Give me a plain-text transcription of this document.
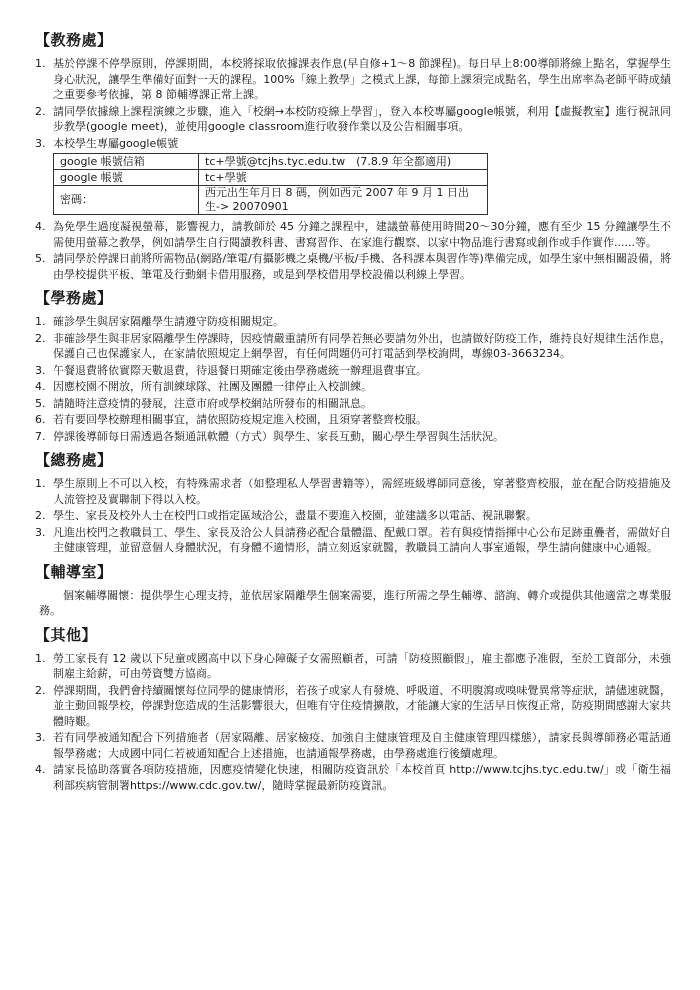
【教務處】
1. 基於停課不停學原則，停課期間，本校將採取依據課表作息(早自修+1～8 節課程)。每日早上8:00導師將線上點名，掌握學生身心狀況，讓學生準備好面對一天的課程。100%「線上教學」之模式上課，每節上課須完成點名，學生出席率為老師平時成績之重要參考依據，第 8 節輔導課正常上課。
2. 請同學依據線上課程演練之步驟，進入「校網→本校防疫線上學習」，登入本校專屬google帳號，利用【虛擬教室】進行視訊同步教學(google meet)，並使用google classroom進行收發作業以及公告相關事項。
3. 本校學生專屬google帳號
google 帳號信箱	tc+學號@tcjhs.tyc.edu.tw　(7.8.9 年全都適用)
google 帳號	tc+學號
密碼：	西元出生年月日 8 碼，例如西元 2007 年 9 月 1 日出生-> 20070901
4. 為免學生過度凝視螢幕，影響視力，請教師於 45 分鐘之課程中，建議螢幕使用時間20～30分鐘，應有至少 15 分鐘讓學生不需使用螢幕之教學，例如請學生自行閱讀教科書、書寫習作、在家進行觀察、以家中物品進行書寫或創作或手作實作......等。
5. 請同學於停課日前將所需物品(網路/筆電/有攝影機之桌機/平板/手機、各科課本與習作等)準備完成，如學生家中無相關設備，將由學校提供平板、筆電及行動網卡借用服務，或是到學校借用學校設備以利線上學習。
【學務處】
1. 確診學生與居家隔離學生請遵守防疫相關規定。
2. 非確診學生與非居家隔離學生停課時，因疫情嚴重請所有同學若無必要請勿外出，也請做好防疫工作，維持良好規律生活作息，保護自己也保護家人，在家請依照規定上網學習，有任何問題仍可打電話到學校詢問，專線03-3663234。
3. 午餐退費將依實際天數退費，待退餐日期確定後由學務處統一辦理退費事宜。
4. 因應校園不開放，所有訓練球隊、社團及團體一律停止入校訓練。
5. 請隨時注意疫情的發展，注意市府或學校網站所發布的相關訊息。
6. 若有要回學校辦理相關事宜，請依照防疫規定進入校園，且須穿著整齊校服。
7. 停課後導師每日需透過各類通訊軟體（方式）與學生、家長互動，關心學生學習與生活狀況。
【總務處】
1. 學生原則上不可以入校，有特殊需求者（如整理私人學習書籍等），需經班級導師同意後，穿著整齊校服，並在配合防疫措施及人流管控及實聯制下得以入校。
2. 學生、家長及校外人士在校門口或指定區域洽公，盡量不要進入校園，並建議多以電話、視訊聯繫。
3. 凡進出校門之教職員工、學生、家長及洽公人員請務必配合量體溫、配戴口罩。若有與疫情指揮中心公布足跡重疊者，需做好自主健康管理，並留意個人身體狀況，有身體不適情形，請立刻返家就醫，教職員工請向人事室通報，學生請向健康中心通報。
【輔導室】

個案輔導關懷：提供學生心理支持，並依居家隔離學生個案需要，進行所需之學生輔導、諮詢、轉介或提供其他適當之專業服務。

【其他】
1. 勞工家長有 12 歲以下兒童或國高中以下身心障礙子女需照顧者，可請「防疫照顧假」，雇主都應予准假，至於工資部分，未強制雇主給薪，可由勞資雙方協商。
2. 停課期間，我們會持續關懷每位同學的健康情形，若孩子或家人有發燒、呼吸道、不明腹瀉或嗅味覺異常等症狀，請儘速就醫，並主動回報學校，停課對您造成的生活影響很大，但唯有守住疫情擴散，才能讓大家的生活早日恢復正常，防疫期間感謝大家共體時艱。
3. 若有同學被通知配合下列措施者（居家隔離、居家檢疫、加強自主健康管理及自主健康管理四樣態），請家長與導師務必電話通報學務處；大成國中同仁若被通知配合上述措施，也請通報學務處，由學務處進行後續處理。
4. 請家長協助落實各項防疫措施，因應疫情變化快速，相關防疫資訊於「本校首頁 http://www.tcjhs.tyc.edu.tw/」或「衛生福利部疾病管制署https://www.cdc.gov.tw/，隨時掌握最新防疫資訊。
